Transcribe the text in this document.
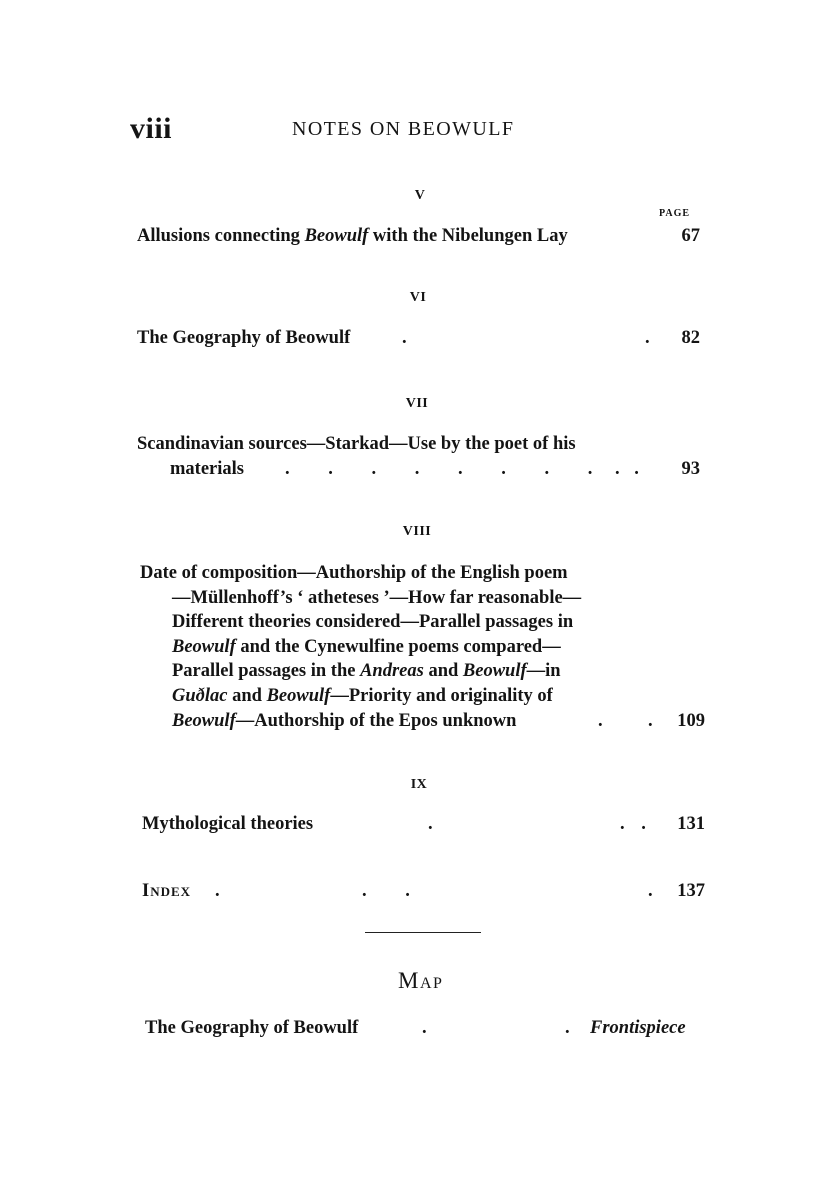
viii	NOTES ON BEOWULF
V
PAGE
Allusions connecting Beowulf with the Nibelungen Lay	67
VI
The Geography of Beowulf	.	.	82
VII
Scandinavian sources—Starkad—Use by the poet of his
materials . . . . . . . . . .	93
VIII
Date of composition—Authorship of the English poem
—Müllenhoff’s ‘ atheteses ’—How far reasonable—
Different theories considered—Parallel passages in
Beowulf and the Cynewulfine poems compared—
Parallel passages in the Andreas and Beowulf—in
Guðlac and Beowulf—Priority and originality of
Beowulf—Authorship of the Epos unknown	. .	109
IX
Mythological theories	.	. .	131
Index .	. .	.	137
Map
The Geography of Beowulf	.	. Frontispiece
